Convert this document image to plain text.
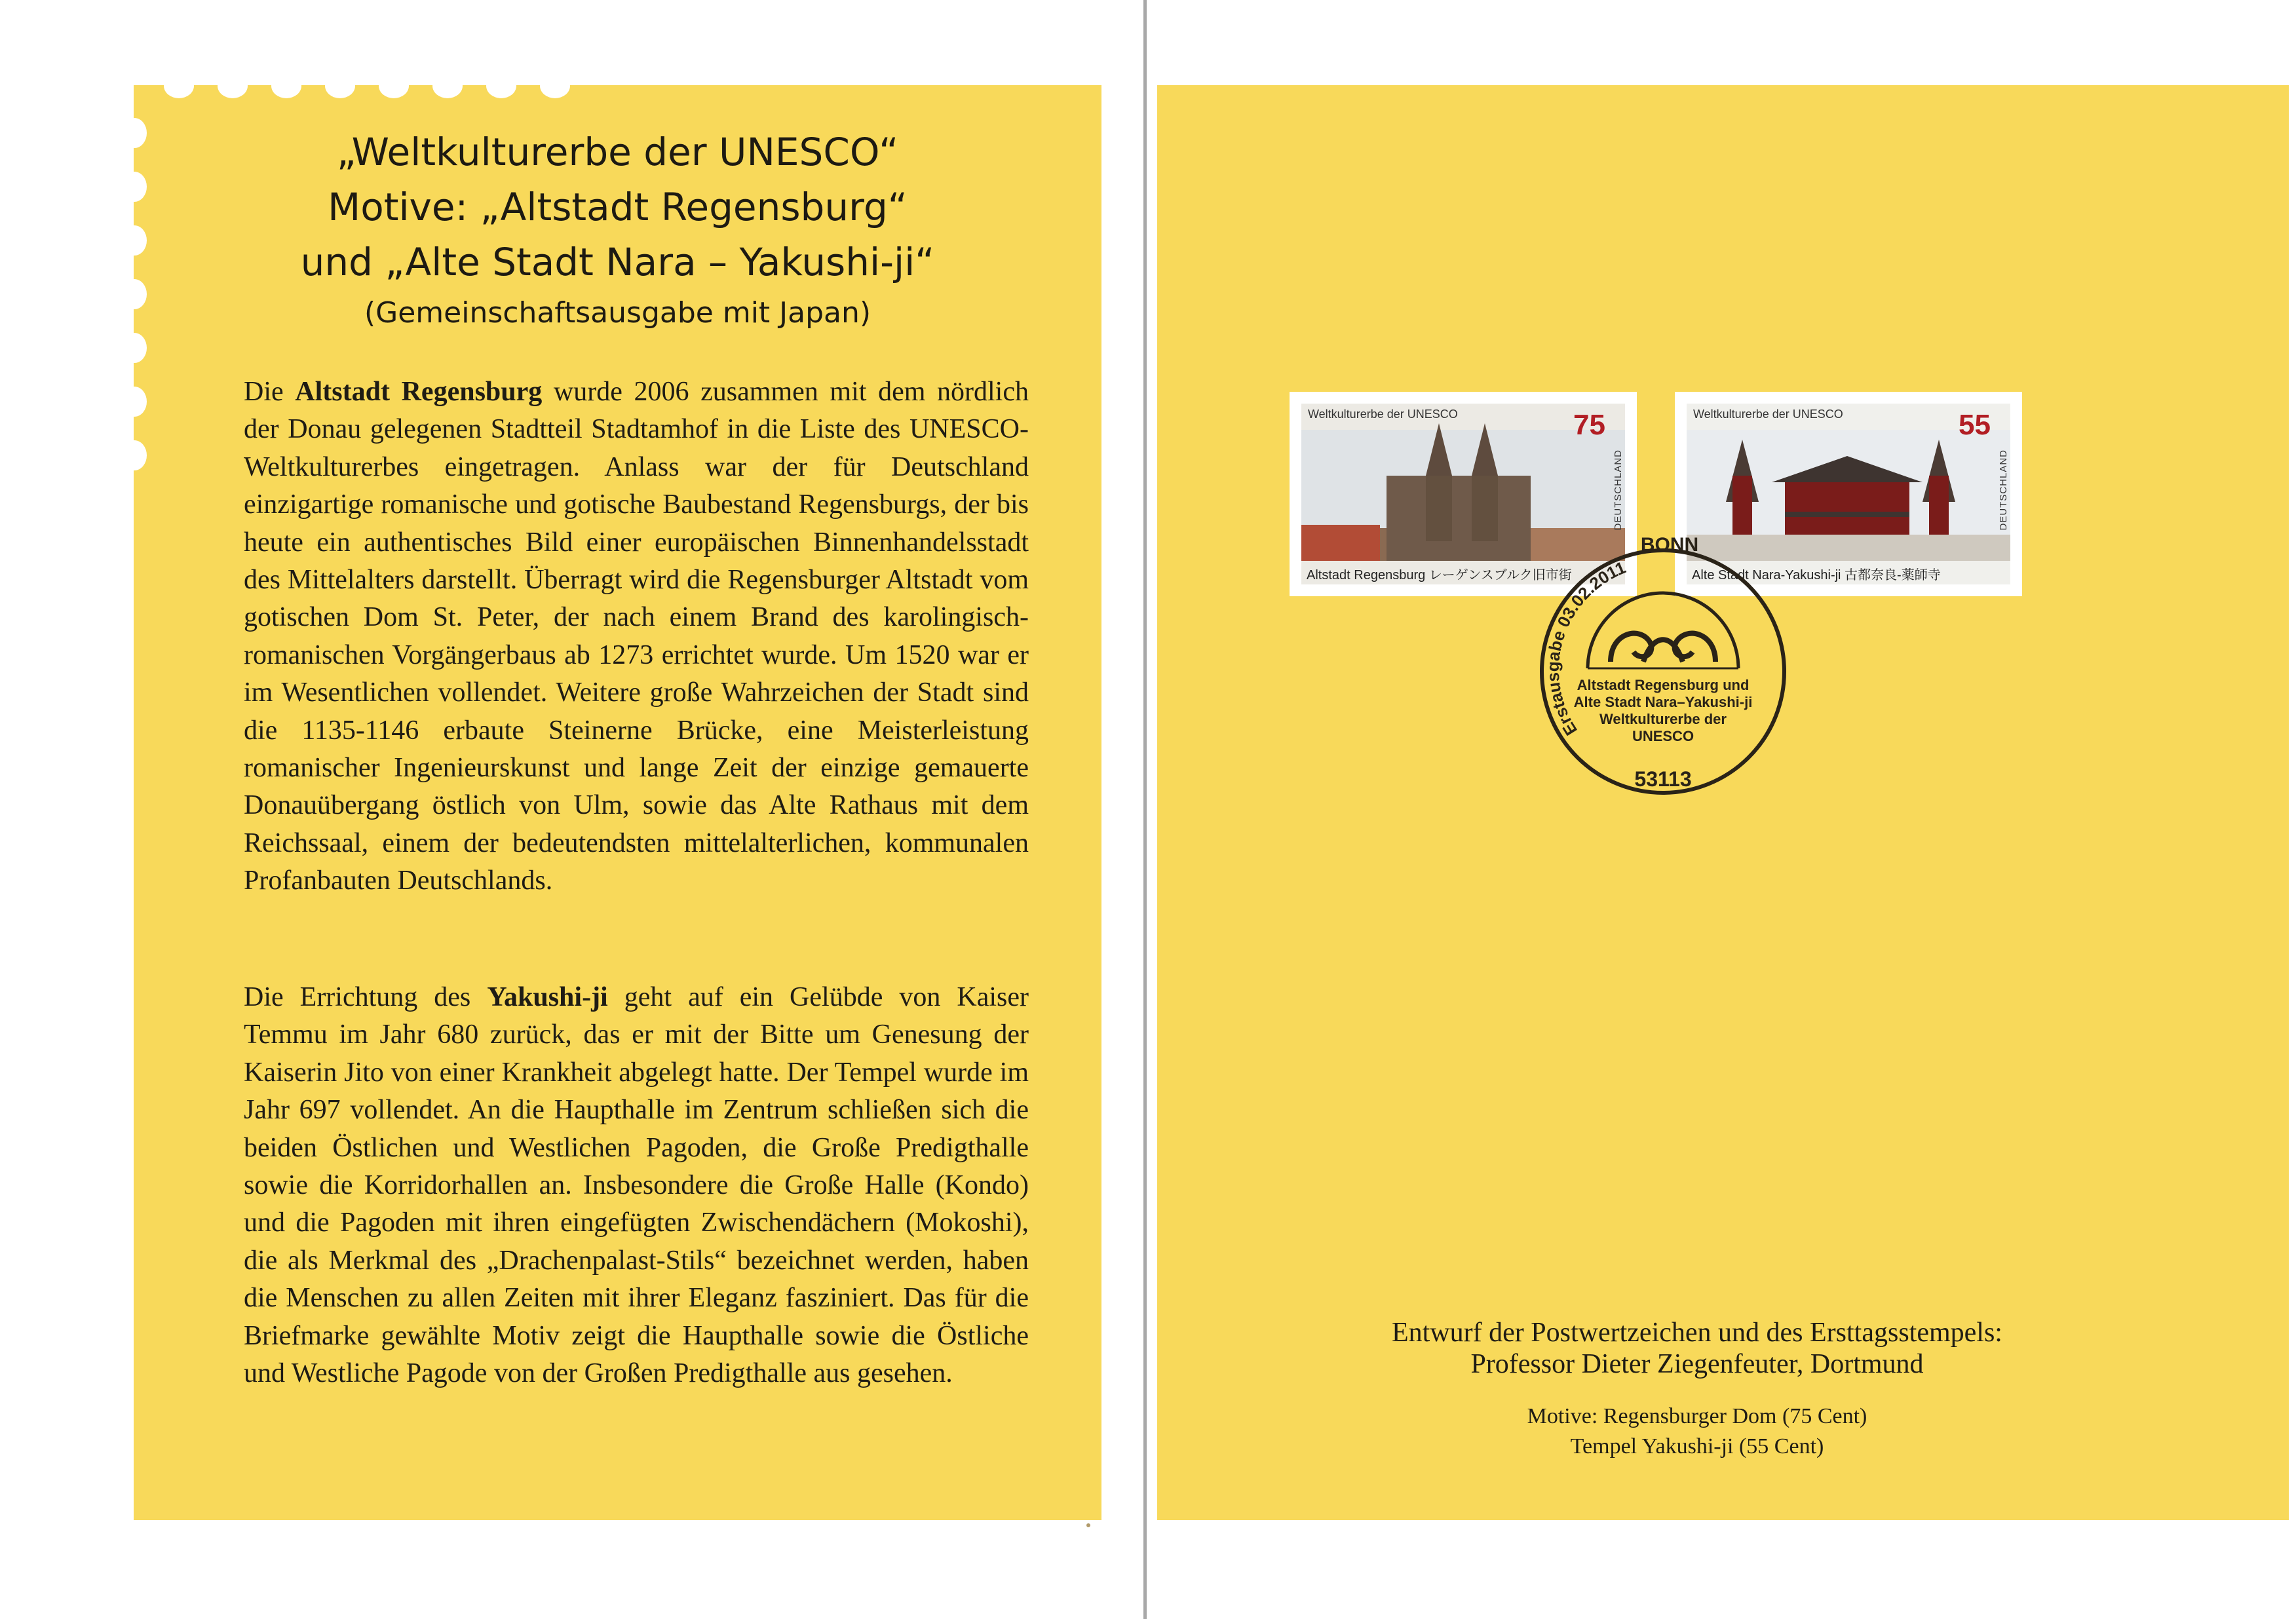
„Weltkulturerbe der UNESCO“
Motive: „Altstadt Regensburg“
und „Alte Stadt Nara – Yakushi-ji“
(Gemeinschaftsausgabe mit Japan)
Die Altstadt Regensburg wurde 2006 zusammen mit dem nördlich der Donau gelegenen Stadtteil Stadtamhof in die Liste des UNESCO-Weltkulturerbes eingetragen. Anlass war der für Deutschland einzigartige romanische und gotische Baubestand Regensburgs, der bis heute ein authentisches Bild einer europäischen Binnenhandelsstadt des Mittelalters darstellt. Überragt wird die Regensburger Altstadt vom gotischen Dom St. Peter, der nach einem Brand des karolingisch-romanischen Vorgängerbaus ab 1273 errichtet wurde. Um 1520 war er im Wesentlichen vollendet. Weitere große Wahrzeichen der Stadt sind die 1135-1146 erbaute Steinerne Brücke, eine Meisterleistung romanischer Ingenieurskunst und lange Zeit der einzige gemauerte Donauübergang östlich von Ulm, sowie das Alte Rathaus mit dem Reichssaal, einem der bedeutendsten mittelalterlichen, kommunalen Profanbauten Deutschlands.
Die Errichtung des Yakushi-ji geht auf ein Gelübde von Kaiser Temmu im Jahr 680 zurück, das er mit der Bitte um Genesung der Kaiserin Jito von einer Krankheit abgelegt hatte. Der Tempel wurde im Jahr 697 vollendet. An die Haupthalle im Zentrum schließen sich die beiden Östlichen und Westlichen Pagoden, die Große Predigthalle sowie die Korridorhallen an. Insbesondere die Große Halle (Kondo) und die Pagoden mit ihren eingefügten Zwischendächern (Mokoshi), die als Merkmal des „Drachenpalast-Stils“ bezeichnet werden, haben die Menschen zu allen Zeiten mit ihrer Eleganz fasziniert. Das für die Briefmarke gewählte Motiv zeigt die Haupthalle sowie die Östliche und Westliche Pagode von der Großen Predigthalle aus gesehen.
Weltkulturerbe der UNESCO	75
DEUTSCHLAND
Altstadt Regensburg レーゲンスブルク旧市街
Weltkulturerbe der UNESCO	55
DEUTSCHLAND
Alte Stadt Nara-Yakushi-ji 古都奈良-薬師寺
Erstausgabe 03.02.2011
BONN
Altstadt Regensburg und
Alte Stadt Nara–Yakushi-ji
Weltkulturerbe der
UNESCO
53113
Entwurf der Postwertzeichen und des Ersttagsstempels:
Professor Dieter Ziegenfeuter, Dortmund
Motive: Regensburger Dom (75 Cent)
Tempel Yakushi-ji (55 Cent)
